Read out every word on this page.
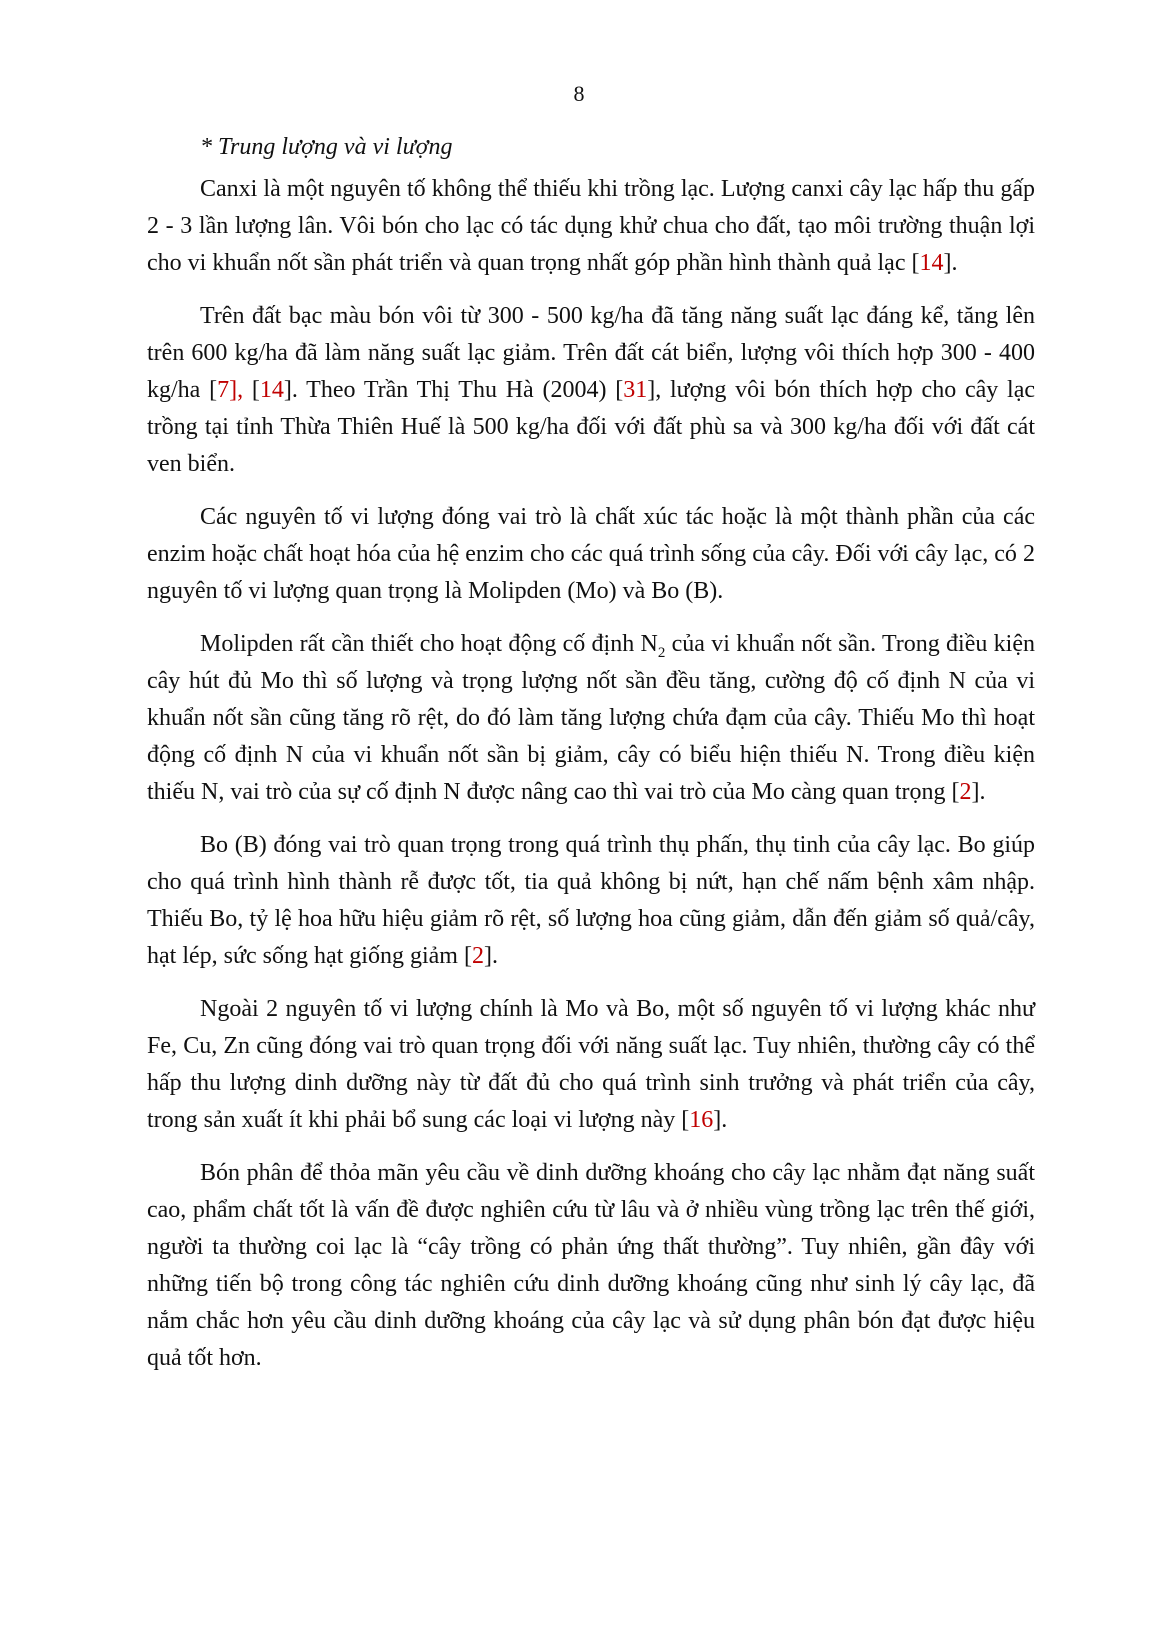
8
* Trung lượng và vi lượng

Canxi là một nguyên tố không thể thiếu khi trồng lạc. Lượng canxi cây lạc hấp thu gấp 2 - 3 lần lượng lân. Vôi bón cho lạc có tác dụng khử chua cho đất, tạo môi trường thuận lợi cho vi khuẩn nốt sần phát triển và quan trọng nhất góp phần hình thành quả lạc [14].

Trên đất bạc màu bón vôi từ 300 - 500 kg/ha đã tăng năng suất lạc đáng kể, tăng lên trên 600 kg/ha đã làm năng suất lạc giảm. Trên đất cát biển, lượng vôi thích hợp 300 - 400 kg/ha [7], [14]. Theo Trần Thị Thu Hà (2004) [31], lượng vôi bón thích hợp cho cây lạc trồng tại tỉnh Thừa Thiên Huế là 500 kg/ha đối với đất phù sa và 300 kg/ha đối với đất cát ven biển.

Các nguyên tố vi lượng đóng vai trò là chất xúc tác hoặc là một thành phần của các enzim hoặc chất hoạt hóa của hệ enzim cho các quá trình sống của cây. Đối với cây lạc, có 2 nguyên tố vi lượng quan trọng là Molipden (Mo) và Bo (B).

Molipden rất cần thiết cho hoạt động cố định $N_2$ của vi khuẩn nốt sần. Trong điều kiện cây hút đủ Mo thì số lượng và trọng lượng nốt sần đều tăng, cường độ cố định N của vi khuẩn nốt sần cũng tăng rõ rệt, do đó làm tăng lượng chứa đạm của cây. Thiếu Mo thì hoạt động cố định N của vi khuẩn nốt sần bị giảm, cây có biểu hiện thiếu N. Trong điều kiện thiếu N, vai trò của sự cố định N được nâng cao thì vai trò của Mo càng quan trọng [2].

Bo (B) đóng vai trò quan trọng trong quá trình thụ phấn, thụ tinh của cây lạc. Bo giúp cho quá trình hình thành rễ được tốt, tia quả không bị nứt, hạn chế nấm bệnh xâm nhập. Thiếu Bo, tỷ lệ hoa hữu hiệu giảm rõ rệt, số lượng hoa cũng giảm, dẫn đến giảm số quả/cây, hạt lép, sức sống hạt giống giảm [2].

Ngoài 2 nguyên tố vi lượng chính là Mo và Bo, một số nguyên tố vi lượng khác như Fe, Cu, Zn cũng đóng vai trò quan trọng đối với năng suất lạc. Tuy nhiên, thường cây có thể hấp thu lượng dinh dưỡng này từ đất đủ cho quá trình sinh trưởng và phát triển của cây, trong sản xuất ít khi phải bổ sung các loại vi lượng này [16].

Bón phân để thỏa mãn yêu cầu về dinh dưỡng khoáng cho cây lạc nhằm đạt năng suất cao, phẩm chất tốt là vấn đề được nghiên cứu từ lâu và ở nhiều vùng trồng lạc trên thế giới, người ta thường coi lạc là “cây trồng có phản ứng thất thường”. Tuy nhiên, gần đây với những tiến bộ trong công tác nghiên cứu dinh dưỡng khoáng cũng như sinh lý cây lạc, đã nắm chắc hơn yêu cầu dinh dưỡng khoáng của cây lạc và sử dụng phân bón đạt được hiệu quả tốt hơn.
